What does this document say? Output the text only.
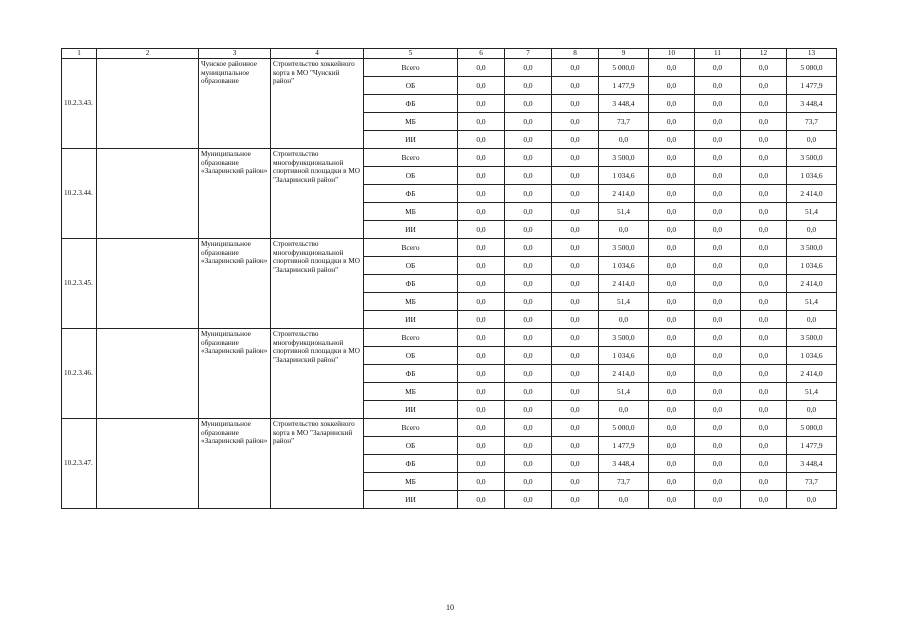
1	2	3	4	5	6	7	8	9	10	11	12	13
10.2.3.43.		Чунское районное муниципальное образование	Строительство хоккейного корта в МО "Чунский район"	Всего	0,0	0,0	0,0	5 000,0	0,0	0,0	0,0	5 000,0
				ОБ	0,0	0,0	0,0	1 477,9	0,0	0,0	0,0	1 477,9
				ФБ	0,0	0,0	0,0	3 448,4	0,0	0,0	0,0	3 448,4
				МБ	0,0	0,0	0,0	73,7	0,0	0,0	0,0	73,7
				ИИ	0,0	0,0	0,0	0,0	0,0	0,0	0,0	0,0
10.2.3.44.		Муниципальное образование «Заларинский район»	Строительство многофункциональной спортивной площадки в МО "Заларинский район"	Всего	0,0	0,0	0,0	3 500,0	0,0	0,0	0,0	3 500,0
				ОБ	0,0	0,0	0,0	1 034,6	0,0	0,0	0,0	1 034,6
				ФБ	0,0	0,0	0,0	2 414,0	0,0	0,0	0,0	2 414,0
				МБ	0,0	0,0	0,0	51,4	0,0	0,0	0,0	51,4
				ИИ	0,0	0,0	0,0	0,0	0,0	0,0	0,0	0,0
10.2.3.45.		Муниципальное образование «Заларинский район»	Строительство многофункциональной спортивной площадки в МО "Заларинский район"	Всего	0,0	0,0	0,0	3 500,0	0,0	0,0	0,0	3 500,0
				ОБ	0,0	0,0	0,0	1 034,6	0,0	0,0	0,0	1 034,6
				ФБ	0,0	0,0	0,0	2 414,0	0,0	0,0	0,0	2 414,0
				МБ	0,0	0,0	0,0	51,4	0,0	0,0	0,0	51,4
				ИИ	0,0	0,0	0,0	0,0	0,0	0,0	0,0	0,0
10.2.3.46.		Муниципальное образование «Заларинский район»	Строительство многофункциональной спортивной площадки в МО "Заларинский район"	Всего	0,0	0,0	0,0	3 500,0	0,0	0,0	0,0	3 500,0
				ОБ	0,0	0,0	0,0	1 034,6	0,0	0,0	0,0	1 034,6
				ФБ	0,0	0,0	0,0	2 414,0	0,0	0,0	0,0	2 414,0
				МБ	0,0	0,0	0,0	51,4	0,0	0,0	0,0	51,4
				ИИ	0,0	0,0	0,0	0,0	0,0	0,0	0,0	0,0
10.2.3.47.		Муниципальное образование «Заларинский район»	Строительство хоккейного корта в МО "Заларинский район"	Всего	0,0	0,0	0,0	5 000,0	0,0	0,0	0,0	5 000,0
				ОБ	0,0	0,0	0,0	1 477,9	0,0	0,0	0,0	1 477,9
				ФБ	0,0	0,0	0,0	3 448,4	0,0	0,0	0,0	3 448,4
				МБ	0,0	0,0	0,0	73,7	0,0	0,0	0,0	73,7
				ИИ	0,0	0,0	0,0	0,0	0,0	0,0	0,0	0,0
10
